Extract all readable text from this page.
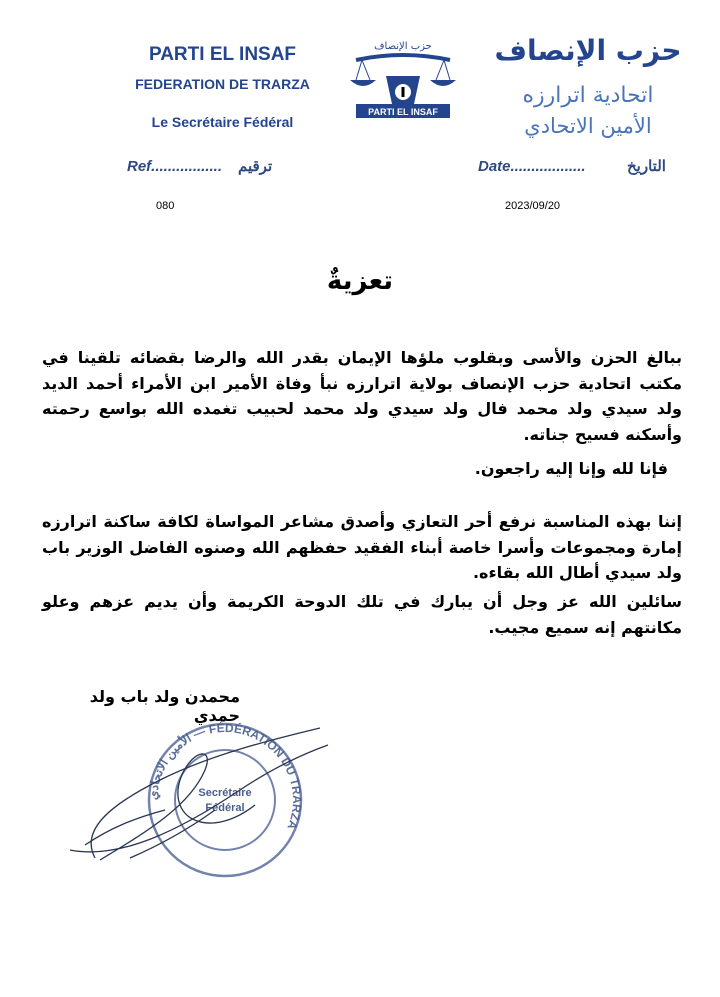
PARTI EL INSAF
FEDERATION DE TRARZA
Le Secrétaire Fédéral
حزب الإنصاف
PARTI EL INSAF
حزب الإنصاف
اتحادية اترارزه
الأمين الاتحادي
Ref................. ترقيم	Date..................	التاريخ
080	2023/09/20
تعزيةٌ
ببالغ الحزن والأسى وبقلوب ملؤها الإيمان بقدر الله والرضا بقضائه تلقينا في مكتب اتحادية حزب الإنصاف بولاية اترارزه نبأ وفاة الأمير ابن الأمراء أحمد الديد ولد سيدي ولد محمد فال ولد سيدي ولد محمد لحبيب تغمده الله بواسع رحمته وأسكنه فسيح جناته.
فإنا لله وإنا إليه راجعون.
إننا بهذه المناسبة نرفع أحر التعازي وأصدق مشاعر المواساة لكافة ساكنة اترارزه إمارة ومجموعات وأسرا خاصة أبناء الفقيد حفظهم الله وصنوه الفاضل الوزير باب ولد سيدي أطال الله بقاءه.
سائلين الله عز وجل أن يبارك في تلك الدوحة الكريمة وأن يديم عزهم وعلو مكانتهم إنه سميع مجيب.
محمدن ولد باب ولد حمدي
الأمين الاتحادي — FÉDÉRATION DU TRARZA
Secrétaire
Fédéral
